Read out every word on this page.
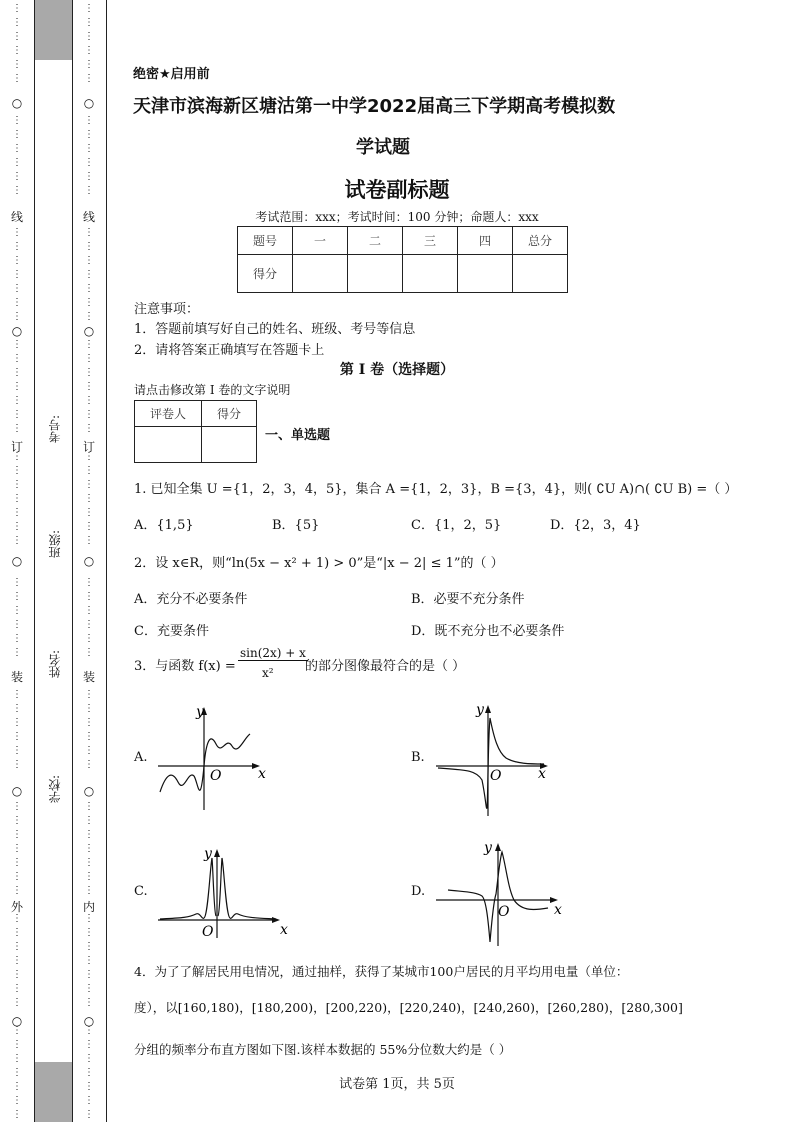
⋮
⋮
⋮
⋮
⋮
⋮
⋮
⋮
⋮
⋮
⋮
⋮
⋮
⋮
⋮
⋮
⋮
⋮
⋮
⋮
⋮
⋮
⋮
⋮
⋮
⋮
⋮
⋮
⋮
⋮
⋮
⋮
⋮
⋮
⋮
⋮
⋮
⋮
⋮
⋮
⋮
⋮
⋮
⋮
⋮
⋮
⋮
⋮
⋮
⋮
⋮
⋮
⋮
⋮
⋮
⋮
⋮
⋮
⋮
⋮
⋮
⋮
⋮
⋮
⋮
⋮
⋮
⋮
⋮
⋮
⋮
⋮
⋮
⋮
⋮
⋮
⋮
⋮
⋮
⋮
⋮
⋮
⋮
⋮
⋮
⋮
⋮
⋮
⋮
⋮
⋮
⋮
⋮
⋮
⋮
⋮
⋮
⋮
⋮
⋮
⋮
⋮
⋮
⋮
⋮
⋮
⋮
⋮
⋮
⋮
⋮
⋮
⋮
⋮
⋮
⋮
⋮
⋮
⋮
⋮
⋮
⋮
⋮
⋮
⋮
⋮
⋮
⋮
⋮
⋮
⋮
⋮
线
订
装
外
线
订
装
内
○
○
○
○
○
○
○
○
○
○
学校:
姓名:
班级:
考号:
绝密★启用前
天津市滨海新区塘沽第一中学2022届高三下学期高考模拟数
学试题
试卷副标题
考试范围：xxx；考试时间：100 分钟；命题人：xxx
题号	一	二	三	四	总分
得分					
注意事项：
1．答题前填写好自己的姓名、班级、考号等信息
2．请将答案正确填写在答题卡上
第 I 卷（选择题）
请点击修改第 I 卷的文字说明
评卷人	得分

一、单选题
1. 已知全集 U ={1，2，3，4，5}，集合 A ={1，2，3}，B ={3，4}，则( ∁U A)∩( ∁U B) =（ ）
A．{1,5}	B．{5}	C．{1，2，5}	D．{2，3，4}
2．设 x∈R，则“ln(5x − x² + 1) > 0”是“|x − 2| ≤ 1”的（ ）
A．充分不必要条件	B．必要不充分条件
C．充要条件	D．既不充分也不必要条件
3．与函数 f(x) =
sin(2x) + x
x² 的部分图像最符合的是（ ）
A.	B.
C.	D.
y
O	x
y
O	x
y
O	x
y
O	x
4．为了了解居民用电情况，通过抽样，获得了某城市100户居民的月平均用电量（单位：
度），以[160,180)，[180,200)，[200,220)，[220,240)，[240,260)，[260,280)，[280,300]
分组的频率分布直方图如下图.该样本数据的 55%分位数大约是（ ）
试卷第 1页，共 5页
